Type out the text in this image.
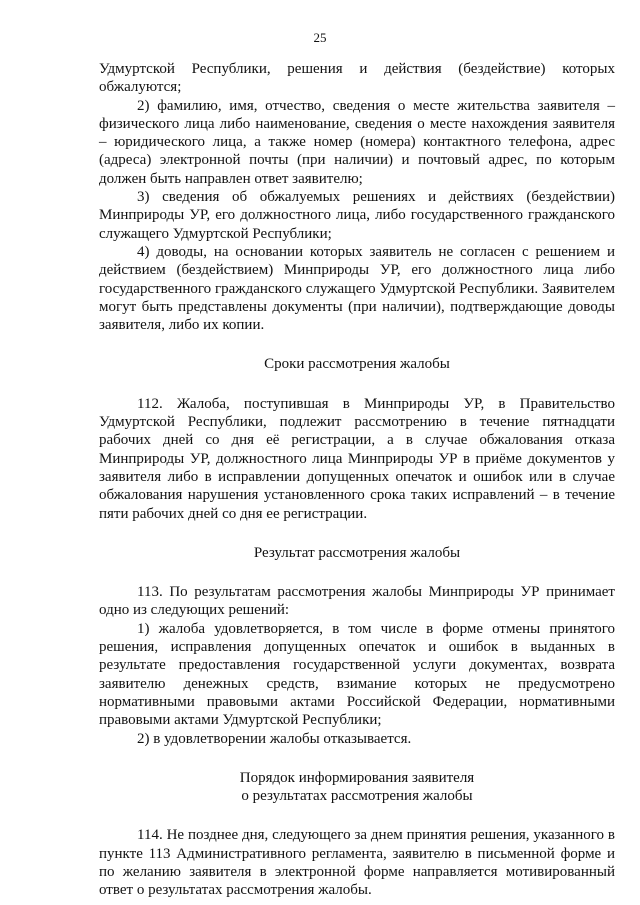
25

Удмуртской Республики, решения и действия (бездействие) которых обжалуются;

2) фамилию, имя, отчество, сведения о месте жительства заявителя – физического лица либо наименование, сведения о месте нахождения заявителя – юридического лица, а также номер (номера) контактного телефона, адрес (адреса) электронной почты (при наличии) и почтовый адрес, по которым должен быть направлен ответ заявителю;

3) сведения об обжалуемых решениях и действиях (бездействии) Минприроды УР, его должностного лица, либо государственного гражданского служащего Удмуртской Республики;

4) доводы, на основании которых заявитель не согласен с решением и действием (бездействием) Минприроды УР, его должностного лица либо государственного гражданского служащего Удмуртской Республики. Заявителем могут быть представлены документы (при наличии), подтверждающие доводы заявителя, либо их копии.

Сроки рассмотрения жалобы

112. Жалоба, поступившая в Минприроды УР, в Правительство Удмуртской Республики, подлежит рассмотрению в течение пятнадцати рабочих дней со дня её регистрации, а в случае обжалования отказа Минприроды УР, должностного лица Минприроды УР в приёме документов у заявителя либо в исправлении допущенных опечаток и ошибок или в случае обжалования нарушения установленного срока таких исправлений – в течение пяти рабочих дней со дня ее регистрации.

Результат рассмотрения жалобы

113. По результатам рассмотрения жалобы Минприроды УР принимает одно из следующих решений:

1) жалоба удовлетворяется, в том числе в форме отмены принятого решения, исправления допущенных опечаток и ошибок в выданных в результате предоставления государственной услуги документах, возврата заявителю денежных средств, взимание которых не предусмотрено нормативными правовыми актами Российской Федерации, нормативными правовыми актами Удмуртской Республики;

2) в удовлетворении жалобы отказывается.

Порядок информирования заявителя
о результатах рассмотрения жалобы

114. Не позднее дня, следующего за днем принятия решения, указанного в пункте 113 Административного регламента, заявителю в письменной форме и по желанию заявителя в электронной форме направляется мотивированный ответ о результатах рассмотрения жалобы.
